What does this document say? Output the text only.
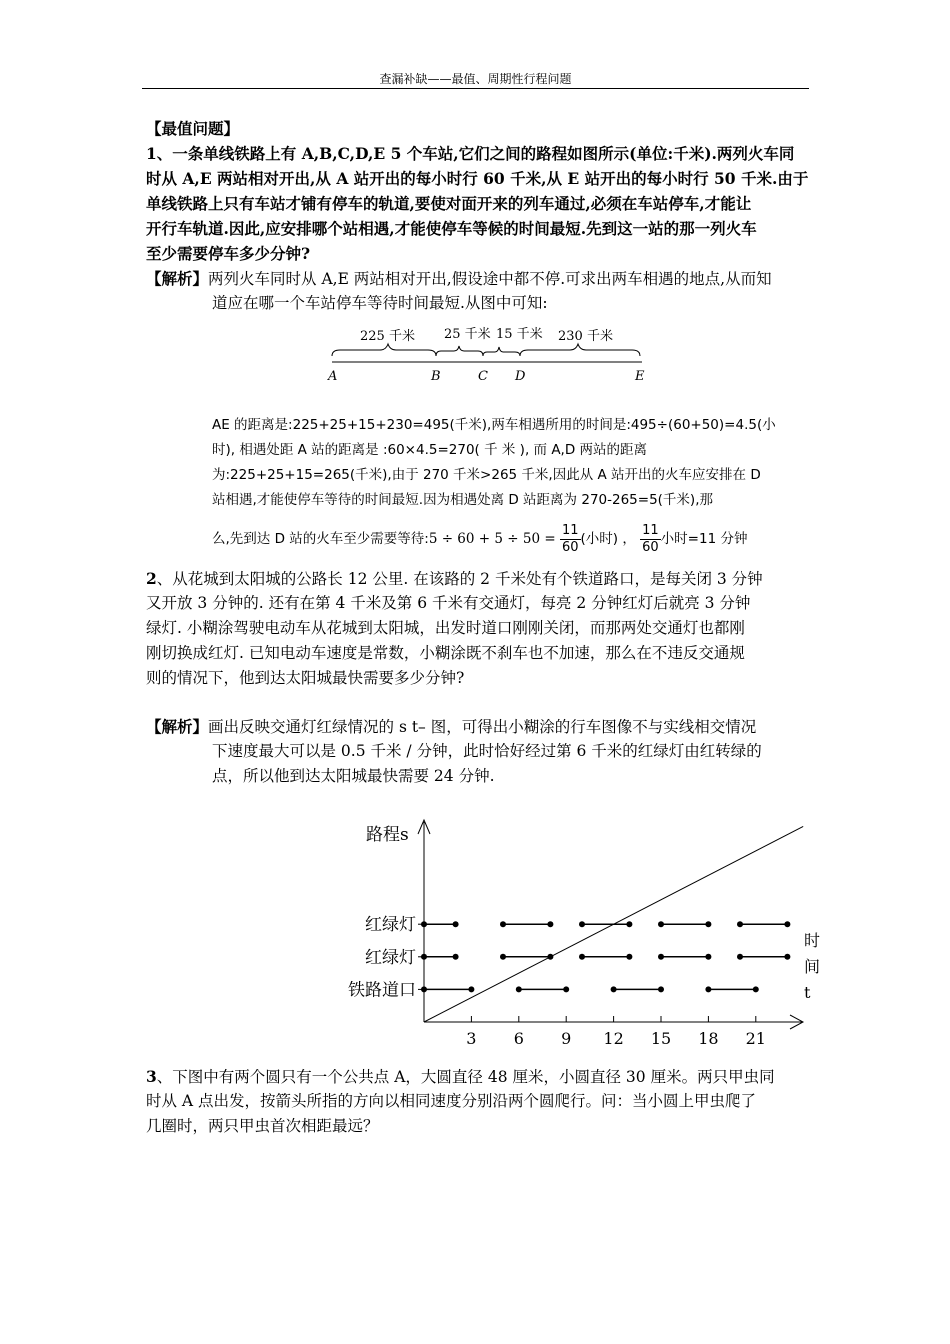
查漏补缺——最值、周期性行程问题
【最值问题】
1、一条单线铁路上有 A,B,C,D,E 5 个车站,它们之间的路程如图所示(单位:千米).两列火车同
时从 A,E 两站相对开出,从 A 站开出的每小时行 60 千米,从 E 站开出的每小时行 50 千米.由于
单线铁路上只有车站才铺有停车的轨道,要使对面开来的列车通过,必须在车站停车,才能让
开行车轨道.因此,应安排哪个站相遇,才能使停车等候的时间最短.先到这一站的那一列火车
至少需要停车多少分钟?
【解析】两列火车同时从 A,E 两站相对开出,假设途中都不停.可求出两车相遇的地点,从而知
道应在哪一个车站停车等待时间最短.从图中可知:
225 千米 25 千米 15 千米 230 千米
A	B	C D	E
AE 的距离是:225+25+15+230=495(千米),两车相遇所用的时间是:495÷(60+50)=4.5(小
时), 相遇处距 A 站的距离是 :60×4.5=270( 千 米 ), 而 A,D 两站的距离
为:225+25+15=265(千米),由于 270 千米>265 千米,因此从 A 站开出的火车应安排在 D
站相遇,才能使停车等待的时间最短.因为相遇处离 D 站距离为 270-265=5(千米),那
么,先到达 D 站的火车至少需要等待:5 ÷ $60 + 5 \div 50 = \frac{11}{60}$ (小时) ， $\frac{11}{60}$ 小时=11 分钟
2、从花城到太阳城的公路长 12 公里. 在该路的 2 千米处有个铁道路口，是每关闭 3 分钟
又开放 3 分钟的. 还有在第 4 千米及第 6 千米有交通灯，每亮 2 分钟红灯后就亮 3 分钟
绿灯. 小糊涂驾驶电动车从花城到太阳城，出发时道口刚刚关闭，而那两处交通灯也都刚
刚切换成红灯. 已知电动车速度是常数，小糊涂既不刹车也不加速，那么在不违反交通规
则的情况下，他到达太阳城最快需要多少分钟?
【解析】画出反映交通灯红绿情况的 s t– 图，可得出小糊涂的行车图像不与实线相交情况
下速度最大可以是 0.5 千米 / 分钟，此时恰好经过第 6 千米的红绿灯由红转绿的
点，所以他到达太阳城最快需要 24 分钟.
路程s
时
间
t
红绿灯
红绿灯
铁路道口
3 6 9 12 15 18 21
3、下图中有两个圆只有一个公共点 A，大圆直径 48 厘米，小圆直径 30 厘米。两只甲虫同
时从 A 点出发，按箭头所指的方向以相同速度分别沿两个圆爬行。问：当小圆上甲虫爬了
几圈时，两只甲虫首次相距最远？
